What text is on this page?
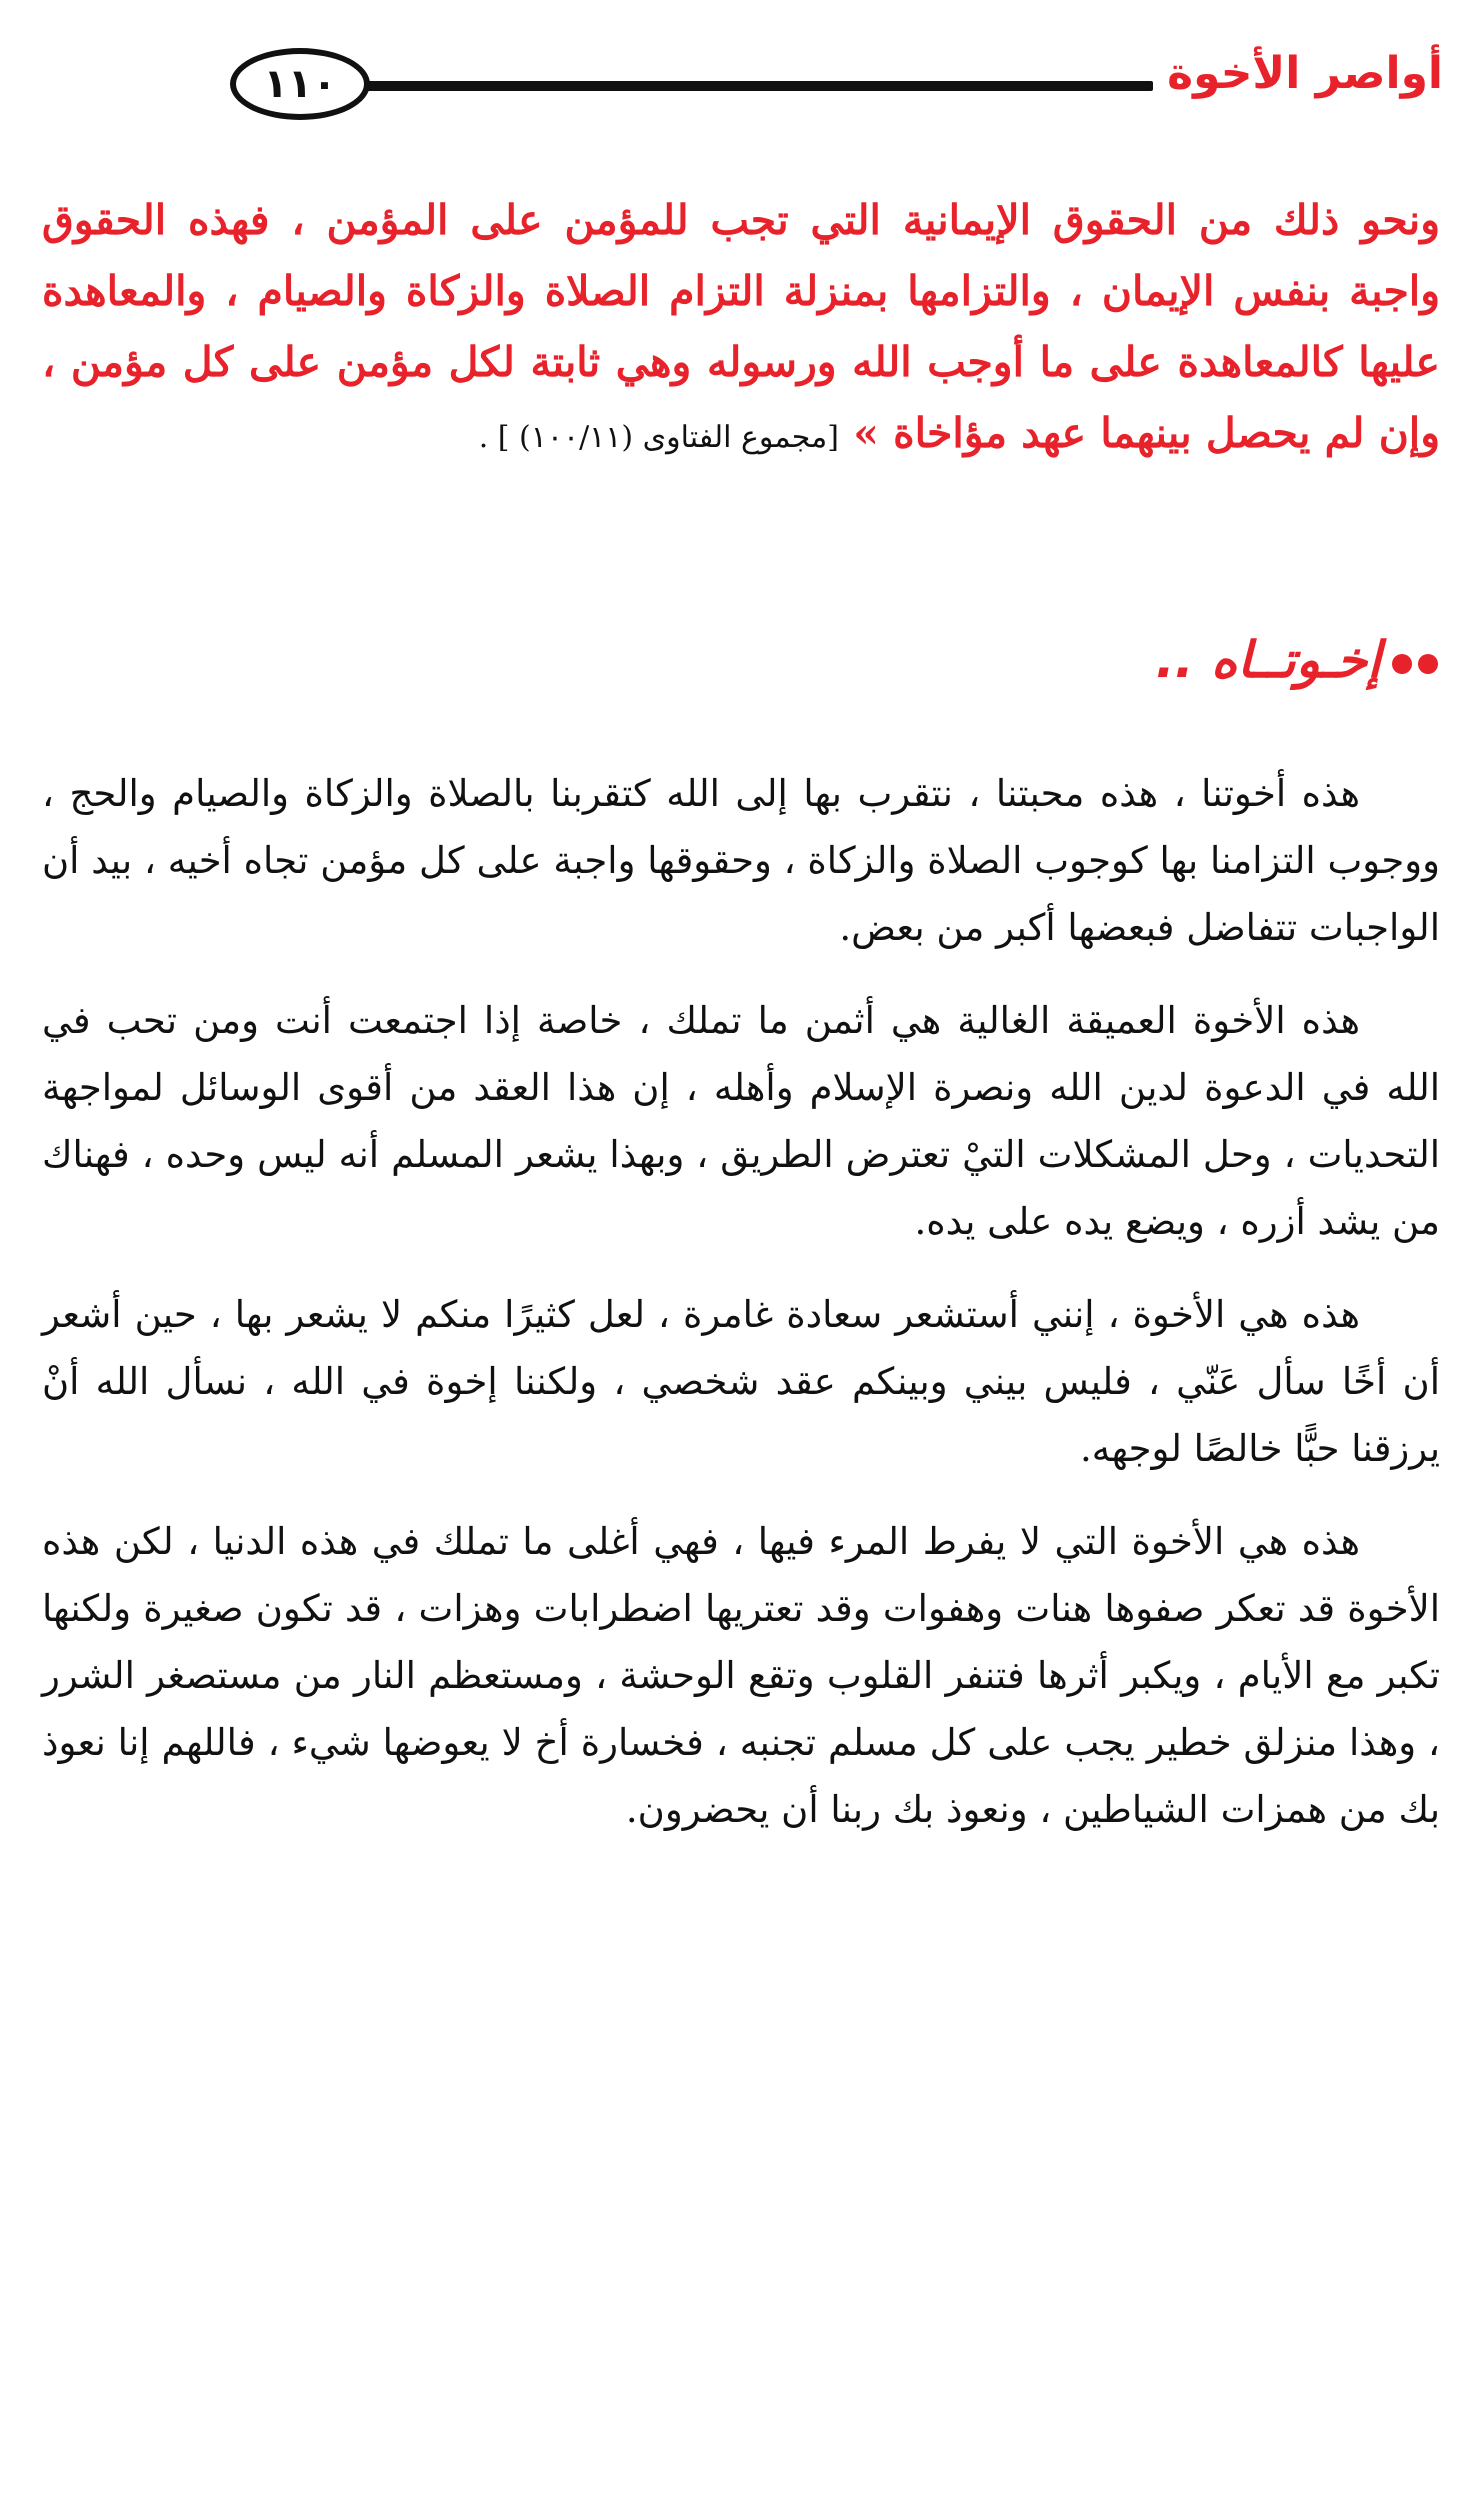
أواصر الأخوة
١١٠
ونحو ذلك من الحقوق الإيمانية التي تجب للمؤمن على المؤمن ، فهذه الحقوق واجبة بنفس الإيمان ، والتزامها بمنزلة التزام الصلاة والزكاة والصيام ، والمعاهدة عليها كالمعاهدة على ما أوجب الله ورسوله وهي ثابتة لكل مؤمن على كل مؤمن ، وإن لم يحصل بينهما عهد مؤاخاة » [مجموع الفتاوى (١٠٠/١١) ] .
إخـوتــاه ..

هذه أخوتنا ، هذه محبتنا ، نتقرب بها إلى الله كتقربنا بالصلاة والزكاة والصيام والحج ، ووجوب التزامنا بها كوجوب الصلاة والزكاة ، وحقوقها واجبة على كل مؤمن تجاه أخيه ، بيد أن الواجبات تتفاضل فبعضها أكبر من بعض.

هذه الأخوة العميقة الغالية هي أثمن ما تملك ، خاصة إذا اجتمعت أنت ومن تحب في الله في الدعوة لدين الله ونصرة الإسلام وأهله ، إن هذا العقد من أقوى الوسائل لمواجهة التحديات ، وحل المشكلات التيْ تعترض الطريق ، وبهذا يشعر المسلم أنه ليس وحده ، فهناك من يشد أزره ، ويضع يده على يده.

هذه هي الأخوة ، إنني أستشعر سعادة غامرة ، لعل كثيرًا منكم لا يشعر بها ، حين أشعر أن أخًا سأل عَنّي ، فليس بيني وبينكم عقد شخصي ، ولكننا إخوة في الله ، نسأل الله أنْ يرزقنا حبًّا خالصًا لوجهه.

هذه هي الأخوة التي لا يفرط المرء فيها ، فهي أغلى ما تملك في هذه الدنيا ، لكن هذه الأخوة قد تعكر صفوها هنات وهفوات وقد تعتريها اضطرابات وهزات ، قد تكون صغيرة ولكنها تكبر مع الأيام ، ويكبر أثرها فتنفر القلوب وتقع الوحشة ، ومستعظم النار من مستصغر الشرر ، وهذا منزلق خطير يجب على كل مسلم تجنبه ، فخسارة أخ لا يعوضها شيء ، فاللهم إنا نعوذ بك من همزات الشياطين ، ونعوذ بك ربنا أن يحضرون.
